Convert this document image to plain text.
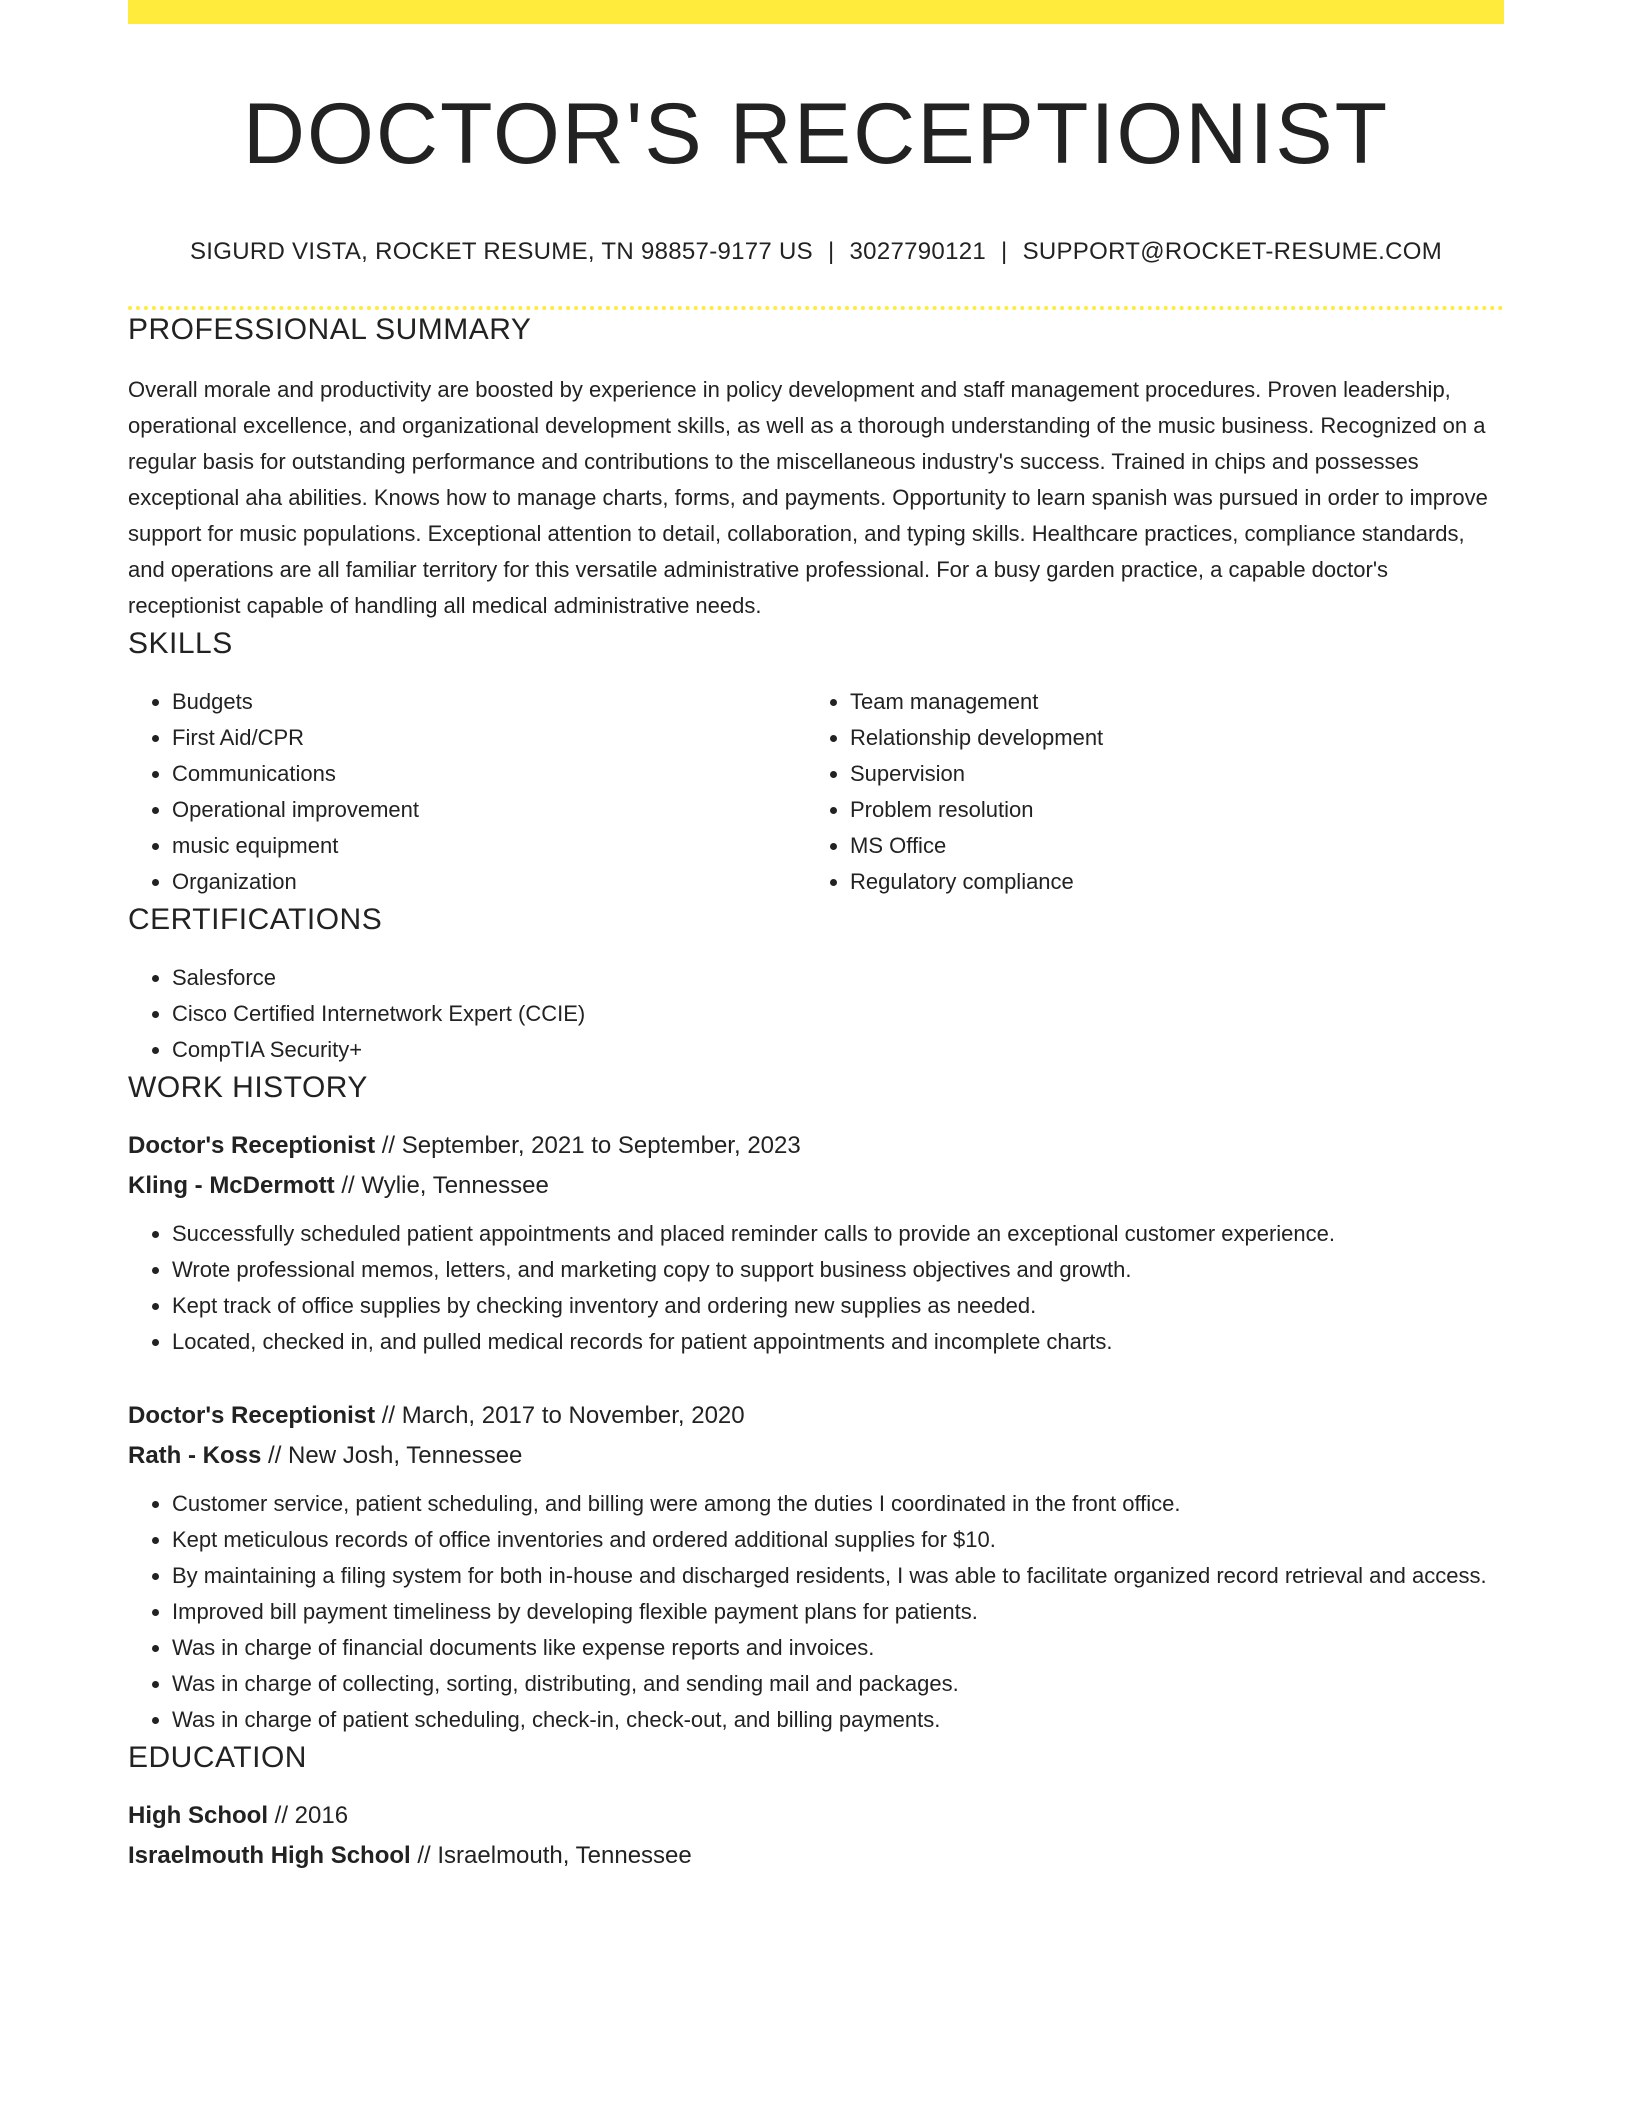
DOCTOR'S RECEPTIONIST
SIGURD VISTA, ROCKET RESUME, TN 98857-9177 US | 3027790121 | SUPPORT@ROCKET-RESUME.COM
PROFESSIONAL SUMMARY

Overall morale and productivity are boosted by experience in policy development and staff management procedures. Proven leadership, operational excellence, and organizational development skills, as well as a thorough understanding of the music business. Recognized on a regular basis for outstanding performance and contributions to the miscellaneous industry's success. Trained in chips and possesses exceptional aha abilities. Knows how to manage charts, forms, and payments. Opportunity to learn spanish was pursued in order to improve support for music populations. Exceptional attention to detail, collaboration, and typing skills. Healthcare practices, compliance standards, and operations are all familiar territory for this versatile administrative professional. For a busy garden practice, a capable doctor's receptionist capable of handling all medical administrative needs.

SKILLS
• Budgets
• First Aid/CPR
• Communications
• Operational improvement
• music equipment
• Organization
• Team management
• Relationship development
• Supervision
• Problem resolution
• MS Office
• Regulatory compliance
CERTIFICATIONS
• Salesforce
• Cisco Certified Internetwork Expert (CCIE)
• CompTIA Security+
WORK HISTORY
Doctor's Receptionist // September, 2021 to September, 2023
Kling - McDermott // Wylie, Tennessee
• Successfully scheduled patient appointments and placed reminder calls to provide an exceptional customer experience.
• Wrote professional memos, letters, and marketing copy to support business objectives and growth.
• Kept track of office supplies by checking inventory and ordering new supplies as needed.
• Located, checked in, and pulled medical records for patient appointments and incomplete charts.
Doctor's Receptionist // March, 2017 to November, 2020
Rath - Koss // New Josh, Tennessee
• Customer service, patient scheduling, and billing were among the duties I coordinated in the front office.
• Kept meticulous records of office inventories and ordered additional supplies for $10.
• By maintaining a filing system for both in-house and discharged residents, I was able to facilitate organized record retrieval and access.
• Improved bill payment timeliness by developing flexible payment plans for patients.
• Was in charge of financial documents like expense reports and invoices.
• Was in charge of collecting, sorting, distributing, and sending mail and packages.
• Was in charge of patient scheduling, check-in, check-out, and billing payments.
EDUCATION
High School // 2016
Israelmouth High School // Israelmouth, Tennessee
